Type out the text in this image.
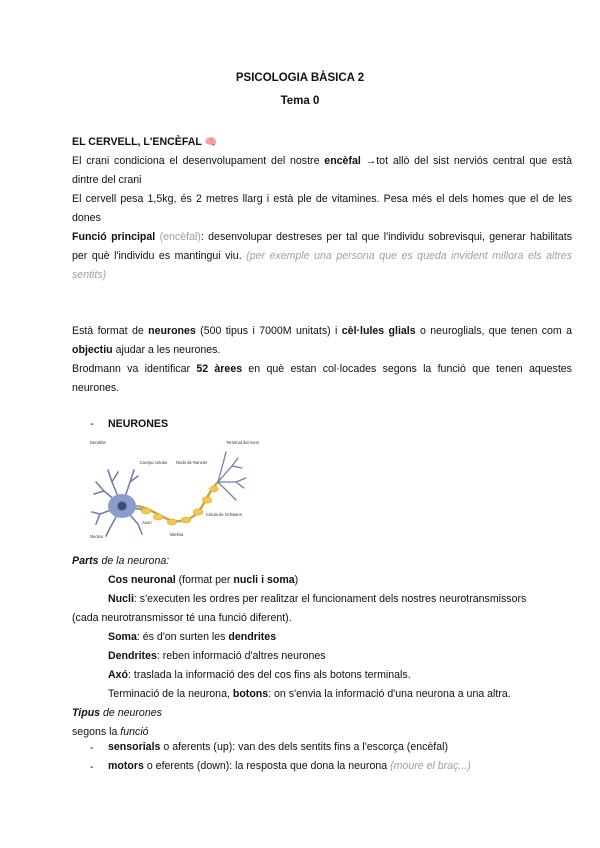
PSICOLOGIA BÀSICA 2
Tema 0

EL CERVELL, L'ENCÈFAL 🧠

El crani condiciona el desenvolupament del nostre encèfal →tot allò del sist nerviós central que està dintre del crani

El cervell pesa 1,5kg, és 2 metres llarg i està ple de vitamines. Pesa més el dels homes que el de les dones

Funció principal (encèfal): desenvolupar destreses per tal que l'individu sobrevisqui, generar habilitats per què l'individu es mantingui viu. (per exemple una persona que es queda invident millora els altres sentits)

Està format de neurones (500 tipus i 7000M unitats) i cèl·lules glials o neuroglials, que tenen com a objectiu ajudar a les neurones.

Brodmann va identificar 52 àrees en què estan col·locades segons la funció que tenen aquestes neurones.

- NEURONES
Dendrite
Cuerpo celular Nodo de Ranvier
Terminal del Axon
Axon
Celula de Schwann
Nucleo	Mielina

Parts de la neurona:

Cos neuronal (format per nucli i soma)
Nucli: s'executen les ordres per realitzar el funcionament dels nostres neurotransmissors

(cada neurotransmissor té una funció diferent).

Soma: és d'on surten les dendrites
Dendrites: reben informació d'altres neurones
Axó: traslada la informació des del cos fins als botons terminals.
Terminació de la neurona, botons: on s'envia la informació d'una neurona a una altra.

Tipus de neurones

segons la funció

- sensorials o aferents (up): van des dels sentits fins a l'escorça (encèfal)
- motors o eferents (down): la resposta que dona la neurona (moure el braç...)
